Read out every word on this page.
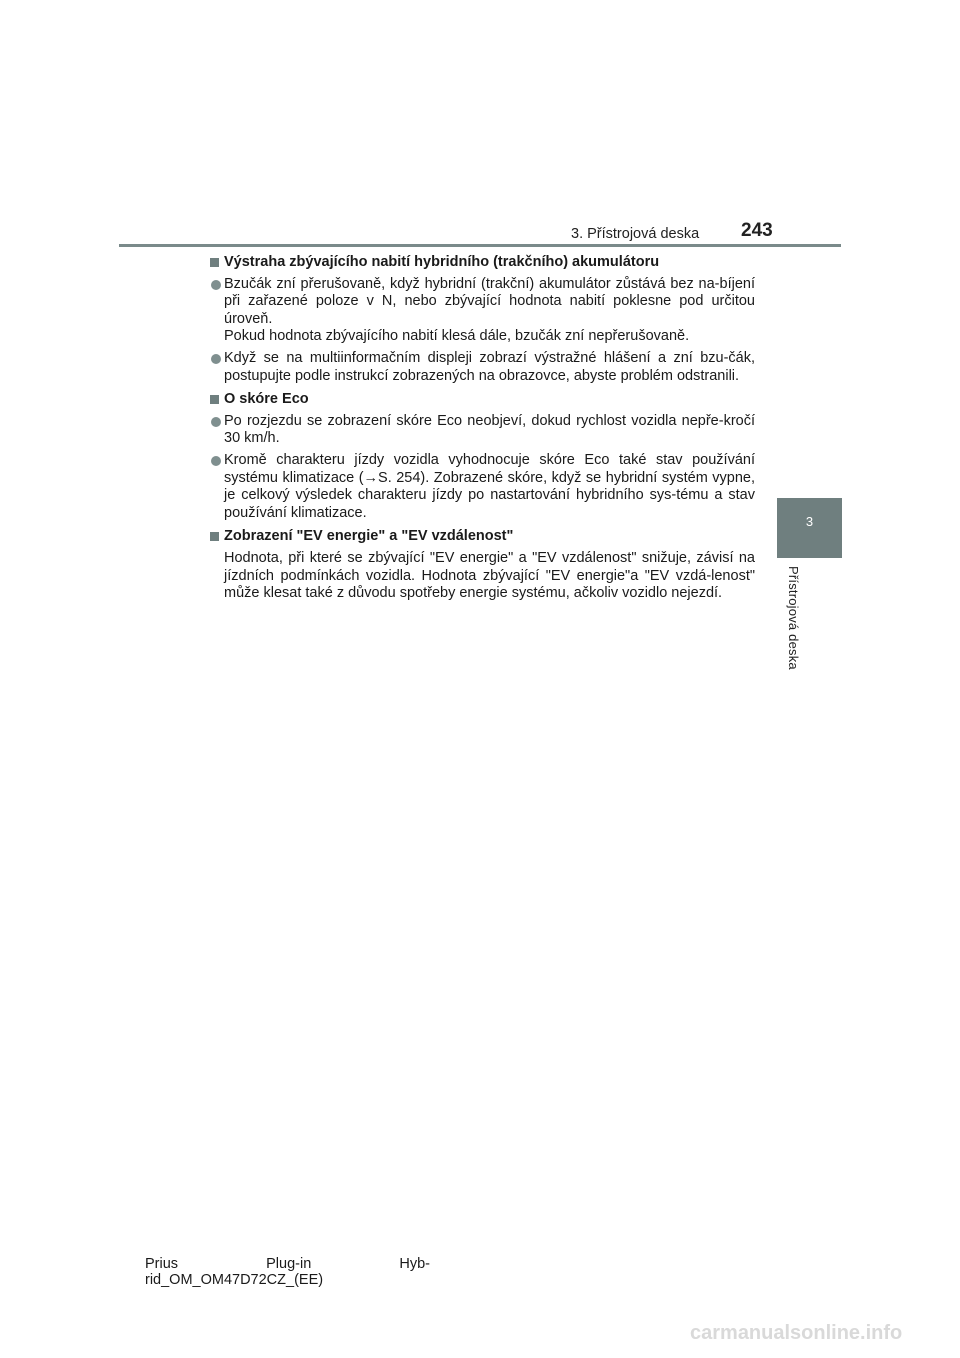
3. Přístrojová deska 243
3
Přístrojová deska
Výstraha zbývajícího nabití hybridního (trakčního) akumulátoru
Bzučák zní přerušovaně, když hybridní (trakční) akumulátor zůstává bez na-bíjení při zařazené poloze v N, nebo zbývající hodnota nabití poklesne pod určitou úroveň.
Pokud hodnota zbývajícího nabití klesá dále, bzučák zní nepřerušovaně.
Když se na multiinformačním displeji zobrazí výstražné hlášení a zní bzu-čák, postupujte podle instrukcí zobrazených na obrazovce, abyste problém odstranili.
O skóre Eco
Po rozjezdu se zobrazení skóre Eco neobjeví, dokud rychlost vozidla nepře-kročí 30 km/h.
Kromě charakteru jízdy vozidla vyhodnocuje skóre Eco také stav používání systému klimatizace (→S. 254). Zobrazené skóre, když se hybridní systém vypne, je celkový výsledek charakteru jízdy po nastartování hybridního sys-tému a stav používání klimatizace.
Zobrazení "EV energie" a "EV vzdálenost"
Hodnota, při které se zbývající "EV energie" a "EV vzdálenost" snižuje, závisí na jízdních podmínkách vozidla. Hodnota zbývající "EV energie"a "EV vzdá-lenost" může klesat také z důvodu spotřeby energie systému, ačkoliv vozidlo nejezdí.
Prius	Plug-in	Hyb-
rid_OM_OM47D72CZ_(EE)
carmanualsonline.info
